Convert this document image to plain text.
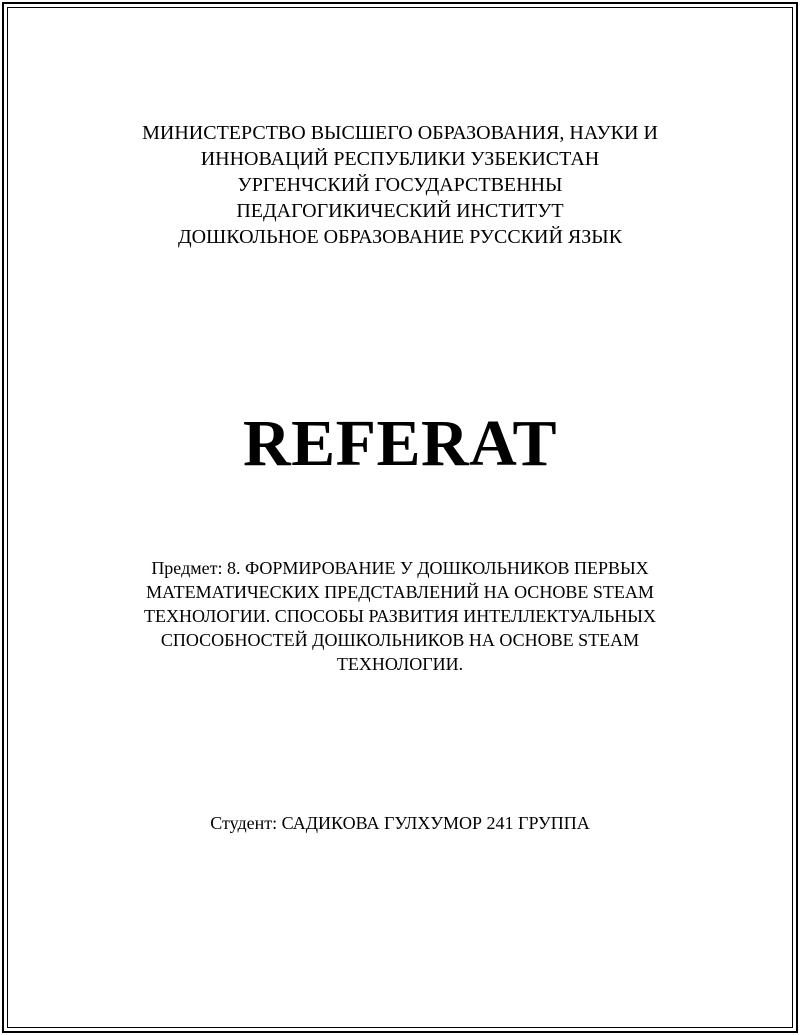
МИНИСТЕРСТВО ВЫСШЕГО ОБРАЗОВАНИЯ, НАУКИ И
ИННОВАЦИЙ РЕСПУБЛИКИ УЗБЕКИСТАН
УРГЕНЧСКИЙ ГОСУДАРСТВЕННЫ
ПЕДАГОГИКИЧЕСКИЙ ИНСТИТУТ
ДОШКОЛЬНОЕ ОБРАЗОВАНИЕ РУССКИЙ ЯЗЫК
REFERAT
Предмет: 8. ФОРМИРОВАНИЕ У ДОШКОЛЬНИКОВ ПЕРВЫХ
МАТЕМАТИЧЕСКИХ ПРЕДСТАВЛЕНИЙ НА ОСНОВЕ STEAM
ТЕХНОЛОГИИ. СПОСОБЫ РАЗВИТИЯ ИНТЕЛЛЕКТУАЛЬНЫХ
СПОСОБНОСТЕЙ ДОШКОЛЬНИКОВ НА ОСНОВЕ STEAM
ТЕХНОЛОГИИ.
Студент: САДИКОВА ГУЛХУМОР 241 ГРУППА
